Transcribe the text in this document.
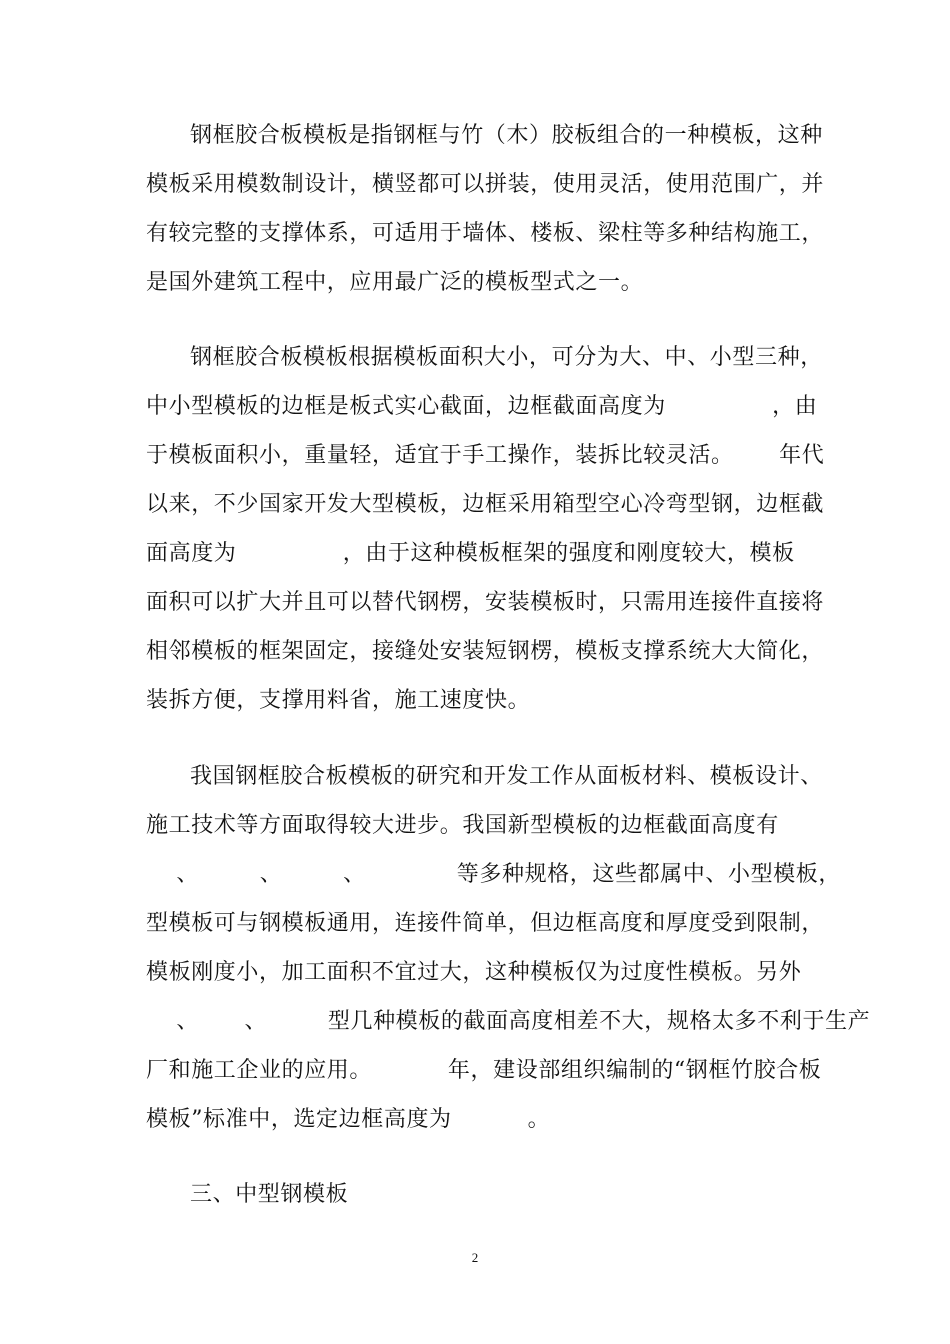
钢框胶合板模板是指钢框与竹（木）胶板组合的一种模板，这种
模板采用模数制设计，横竖都可以拼装，使用灵活，使用范围广，并
有较完整的支撑体系，可适用于墙体、楼板、梁柱等多种结构施工，
是国外建筑工程中，应用最广泛的模板型式之一。
钢框胶合板模板根据模板面积大小，可分为大、中、小型三种，
中小型模板的边框是板式实心截面，边框截面高度为              ，由
于模板面积小，重量轻，适宜于手工操作，装拆比较灵活。      年代
以来，不少国家开发大型模板，边框采用箱型空心冷弯型钢，边框截
面高度为              ，由于这种模板框架的强度和刚度较大，模板
面积可以扩大并且可以替代钢楞，安装模板时，只需用连接件直接将
相邻模板的框架固定，接缝处安装短钢楞，模板支撑系统大大简化，
装拆方便，支撑用料省，施工速度快。
我国钢框胶合板模板的研究和开发工作从面板材料、模板设计、
施工技术等方面取得较大进步。我国新型模板的边框截面高度有
、        、        、            等多种规格，这些都属中、小型模板，
型模板可与钢模板通用，连接件简单，但边框高度和厚度受到限制，
模板刚度小，加工面积不宜过大，这种模板仅为过度性模板。另外
、      、        型几种模板的截面高度相差不大，规格太多不利于生产
厂和施工企业的应用。          年，建设部组织编制的“钢框竹胶合板
模板”标准中，选定边框高度为          。
三、中型钢模板
2
